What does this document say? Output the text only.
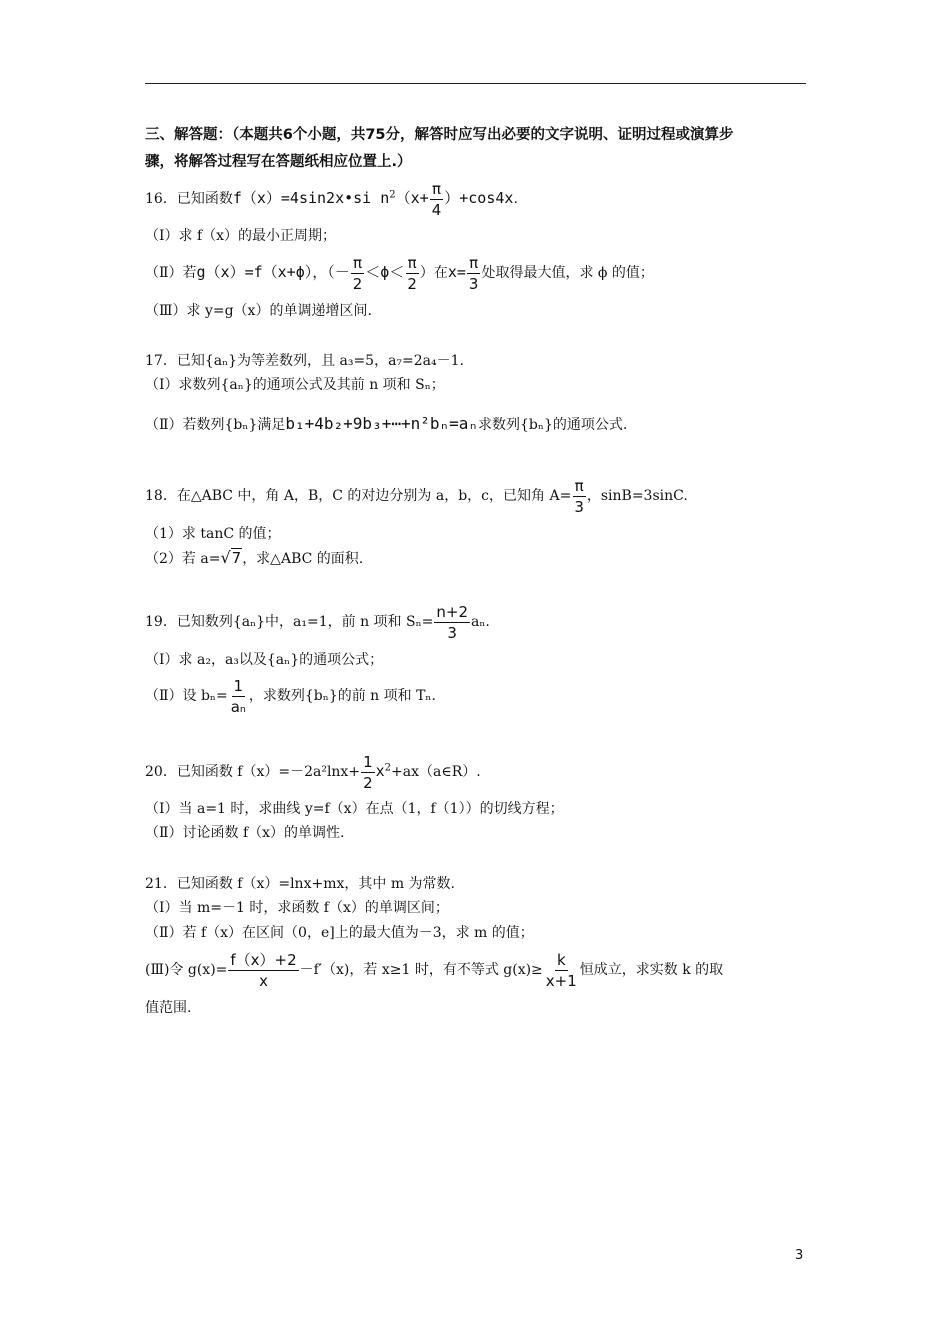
三、解答题：（本题共6个小题，共75分，解答时应写出必要的文字说明、证明过程或演算步
骤，将解答过程写在答题纸相应位置上.）
16．已知函数f（x）=4sin2x•si $n^2(x+ \frac{\pi}{4} )+\cos 4x$.
（Ⅰ）求 f（x）的最小正周期；
（Ⅱ）若g（x）=f（x+ϕ），（－ $\frac{\pi}{2} <\phi< \frac{\pi}{2}$ ）在$x= \frac{\pi}{3}$ 处取得最大值，求 ϕ 的值；
（Ⅲ）求 y=g（x）的单调递增区间.
17．已知{aₙ}为等差数列，且 a₃=5，a₇=2a₄－1.
（Ⅰ）求数列{aₙ}的通项公式及其前 n 项和 Sₙ；
（Ⅱ）若数列{bₙ}满足b₁+4b₂+9b₃+⋯+n²bₙ=aₙ求数列{bₙ}的通项公式.
18．在△ABC 中，角 A，B，C 的对边分别为 a，b，c，已知角 $A= \frac{\pi}{3}$ ，sinB=3sinC.
（1）求 tanC 的值；
（2）若 a=√7，求△ABC 的面积.
19．已知数列{aₙ}中，a₁=1，前 n 项和 $S_n= \frac{n+2}{3} a_n$.
（Ⅰ）求 a₂，a₃以及{aₙ}的通项公式；
（Ⅱ）设 $b_n= \frac{1}{\text{aₙ}}$ ，求数列{bₙ}的前 n 项和 Tₙ.
20．已知函数 $f(x)=-2a^2\ln x+ \frac{1}{2}$ $x^2+ax(a\in R)$.
（Ⅰ）当 a=1 时，求曲线 y=f（x）在点（1，f（1））的切线方程；
（Ⅱ）讨论函数 f（x）的单调性.
21．已知函数 f（x）=lnx+mx，其中 m 为常数.
（Ⅰ）当 m=－1 时，求函数 f（x）的单调区间；
（Ⅱ）若 f（x）在区间（0，e]上的最大值为－3，求 m 的值；
(Ⅲ)令 $g(x)= \frac{f(x)+2}{x} -f'(x)$，若 x≥1 时，有不等式 $g(x)\ge \frac{k}{x+1}$ 恒成立，求实数 k 的取
值范围.
3
